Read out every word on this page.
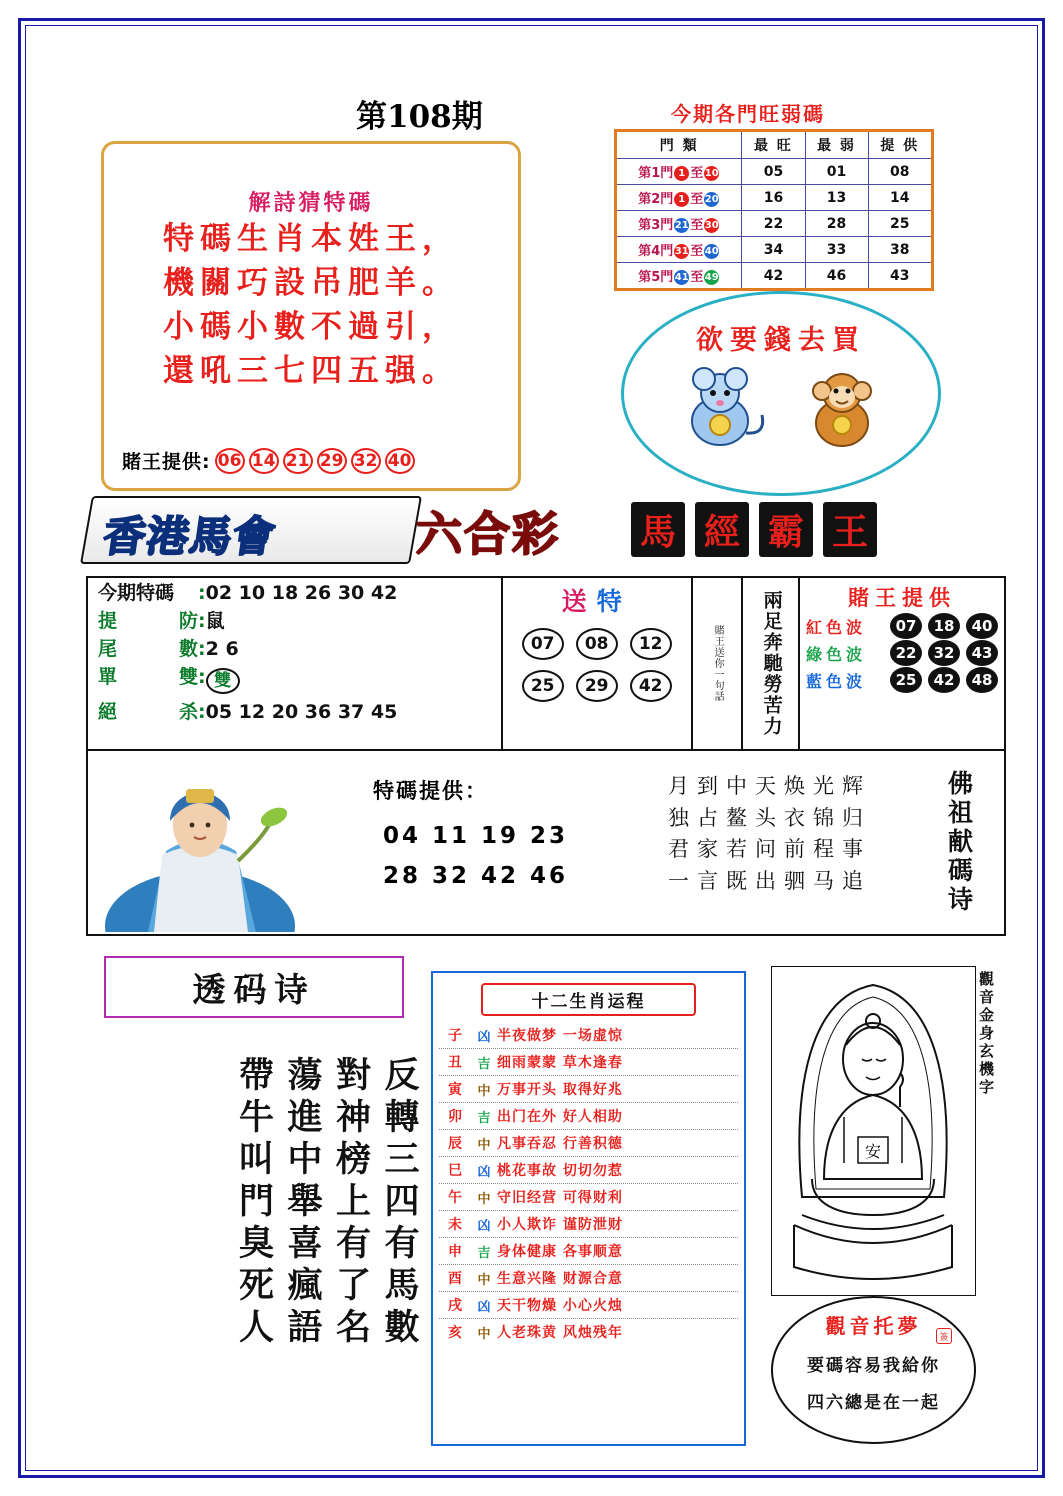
第108期
解詩猜特碼
特碼生肖本姓王，
機關巧設吊肥羊。
小碼小數不過引，
還吼三七四五强。
賭王提供: 06 14 21 29 32 40
今期各門旺弱碼
門 類	最 旺	最 弱	提 供
第1門 1 至 10	05	01	08
第2門 1 至 20	16	13	14
第3門 21 至 30	22	28	25
第4門 31 至 40	34	33	38
第5門 41 至 49	42	46	43
欲要錢去買
香港馬會	六合彩 馬 經 霸 王
今期特碼 : 02 10 18 26 30 42
提	防 : 鼠
尾	數 : 2 6
單	雙 : 雙
絕	杀 : 05 12 20 36 37 45
送特
07	08	12
25	29	42	賭王送你一句話 兩足奔馳勞苦力	賭王提供
紅色波	07	18	40
綠色波	22	32	43
藍色波	25	42	48
特碼提供：
04 11 19 23
28 32 42 46
月到中天焕光辉
独占鳌头衣锦归
君家若问前程事
一言既出驷马追	佛祖献碼诗
透码诗
反轉三四有馬數
對神榜上有了名
蕩進中舉喜瘋語
帶牛叫門臭死人
十二生肖运程
子	凶 半夜做梦 一场虚惊
丑	吉 细雨蒙蒙 草木逢春
寅	中 万事开头 取得好兆
卯	吉 出门在外 好人相助
辰	中 凡事吞忍 行善积德
巳	凶 桃花事故 切切勿惹
午	中 守旧经营 可得财利
未	凶 小人欺诈 谨防泄财
申	吉 身体健康 各事顺意
酉	中 生意兴隆 财源合意
戌	凶 天干物燥 小心火烛
亥	中 人老珠黄 风烛残年
安
觀音金身玄機字
觀音托夢
要碼容易我給你
四六總是在一起
簽
